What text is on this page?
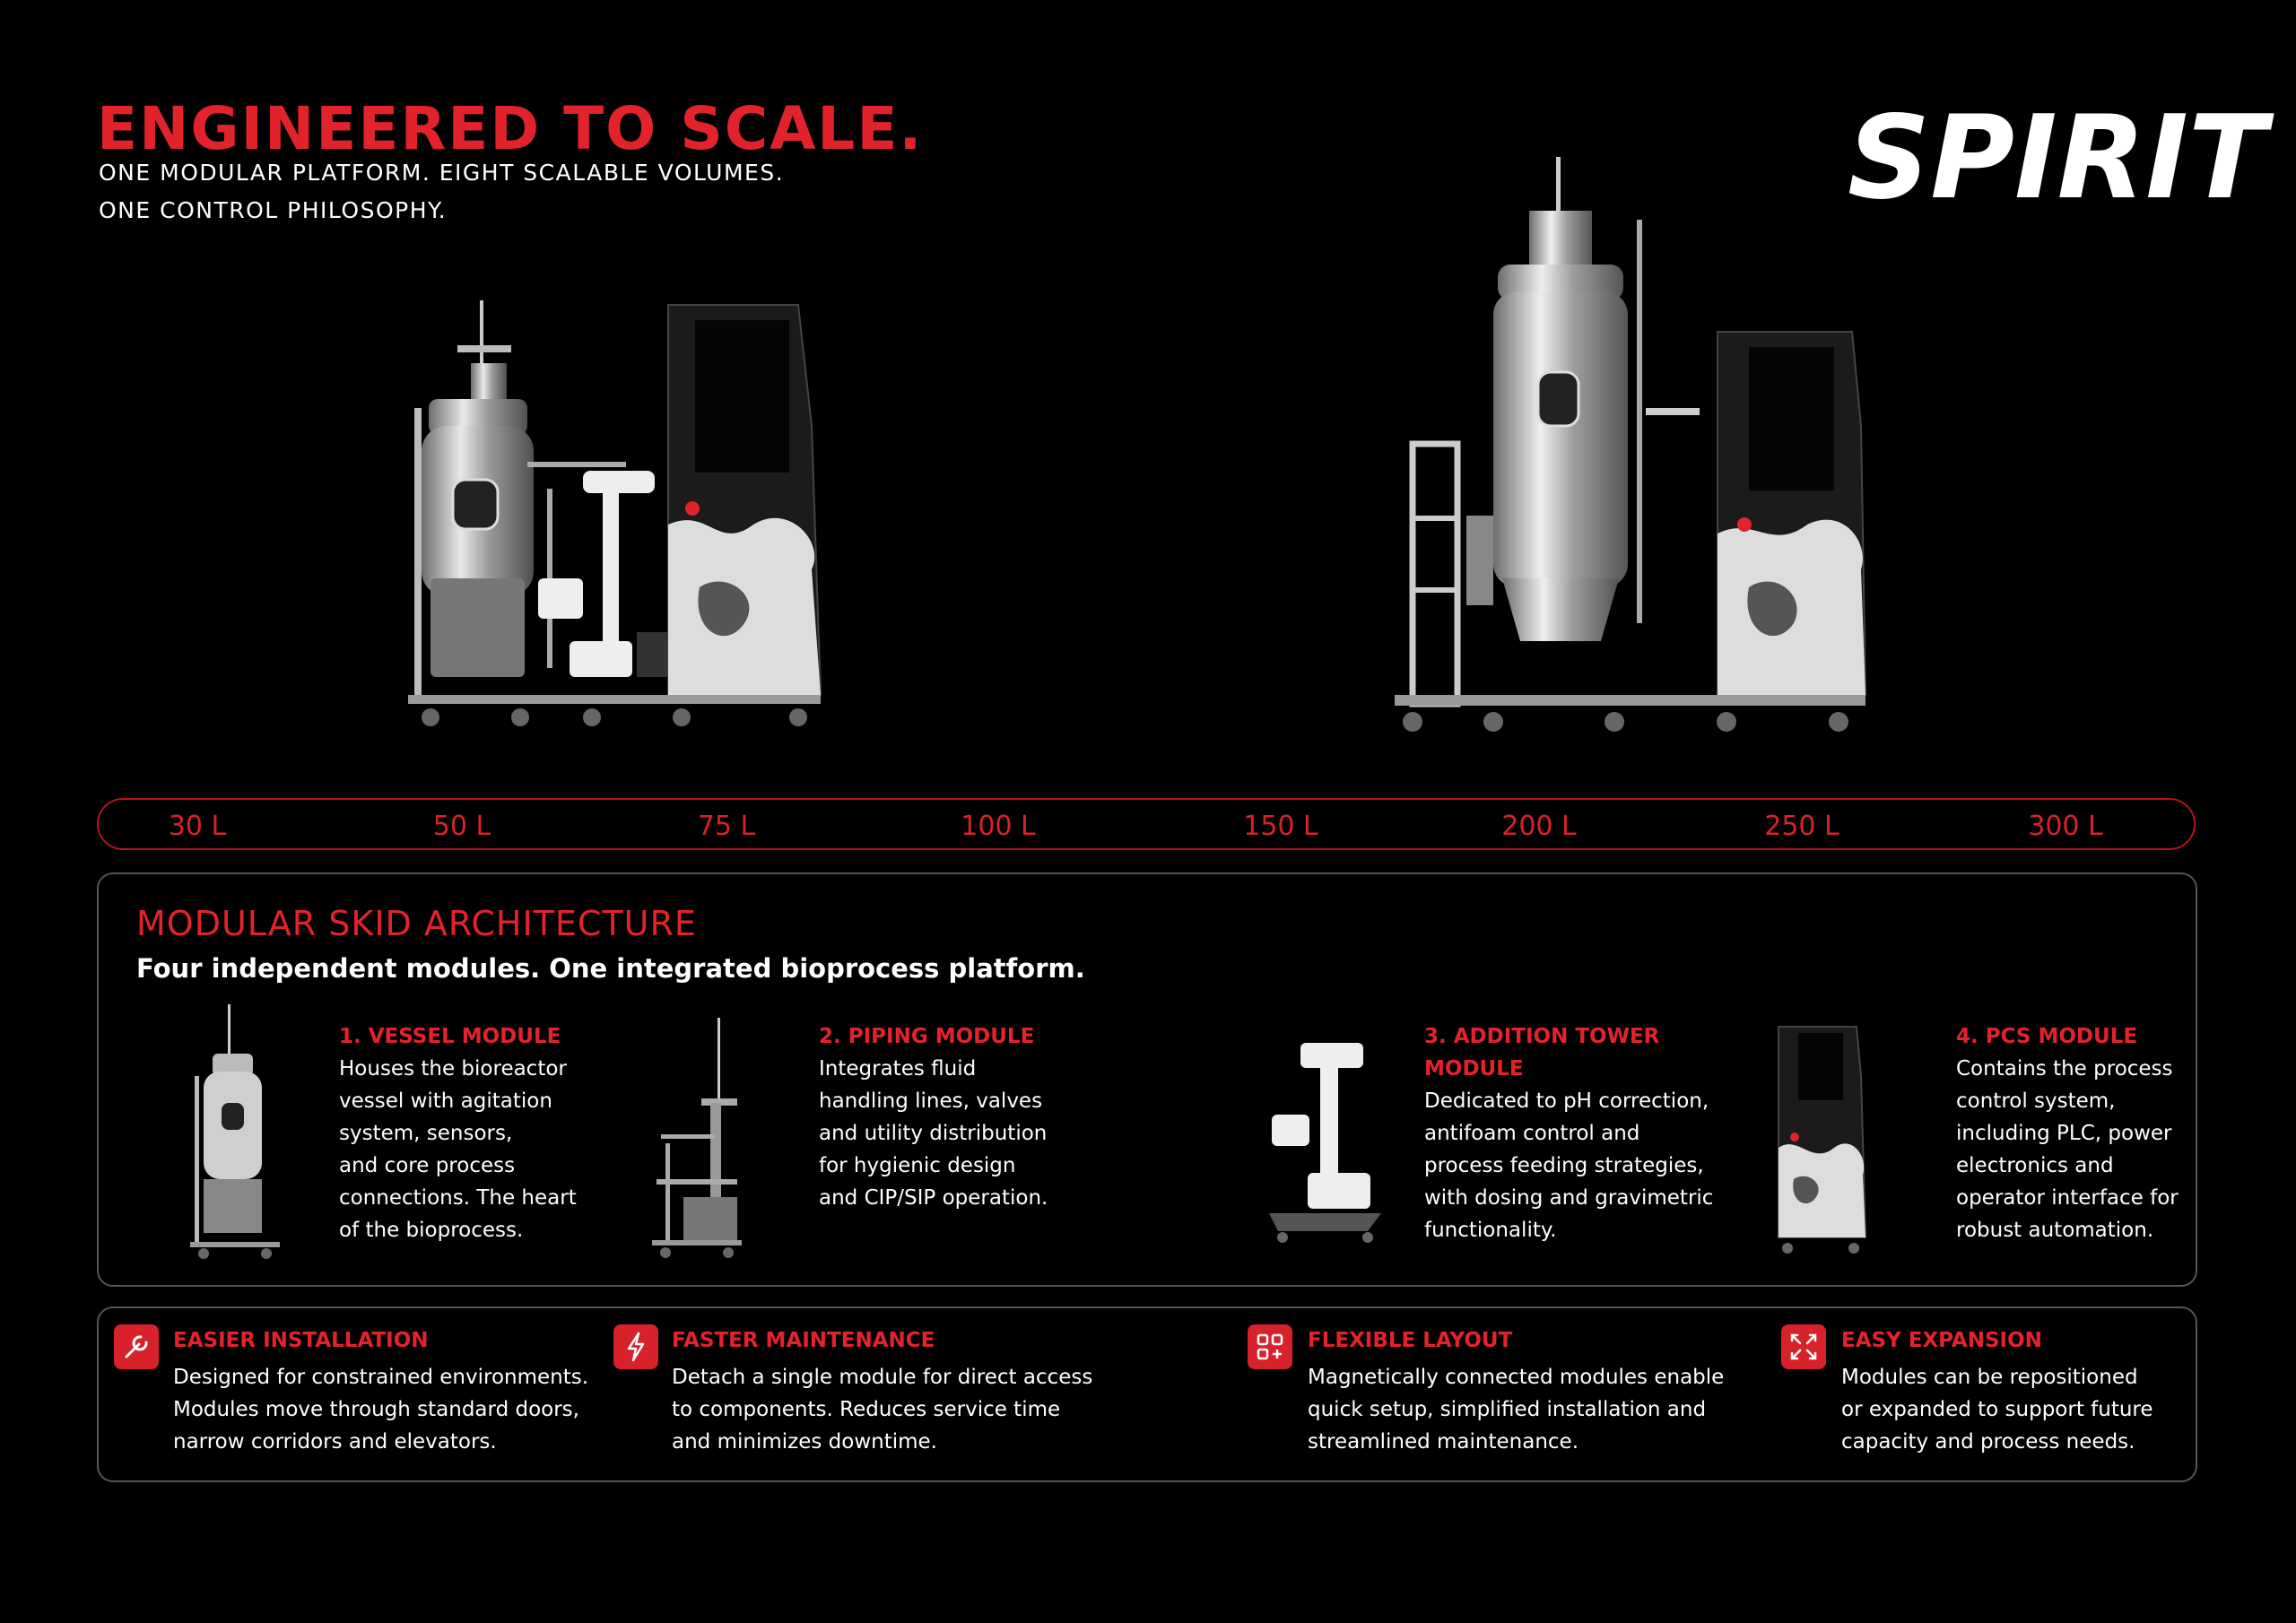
ENGINEERED TO SCALE.
ONE MODULAR PLATFORM. EIGHT SCALABLE VOLUMES.
ONE CONTROL PHILOSOPHY.	SPIRIT
30 L	50 L	75 L	100 L	150 L	200 L	250 L	300 L
MODULAR SKID ARCHITECTURE
Four independent modules. One integrated bioprocess platform.
1. VESSEL MODULE
Houses the bioreactor
vessel with agitation
system, sensors,
and core process
connections. The heart
of the bioprocess.
2. PIPING MODULE
Integrates fluid
handling lines, valves
and utility distribution
for hygienic design
and CIP/SIP operation.
3. ADDITION TOWER
MODULE
Dedicated to pH correction,
antifoam control and
process feeding strategies,
with dosing and gravimetric
functionality.
4. PCS MODULE
Contains the process
control system,
including PLC, power
electronics and
operator interface for
robust automation.
EASIER INSTALLATION
Designed for constrained environments.
Modules move through standard doors,
narrow corridors and elevators.
FASTER MAINTENANCE
Detach a single module for direct access
to components. Reduces service time
and minimizes downtime.
FLEXIBLE LAYOUT
Magnetically connected modules enable
quick setup, simplified installation and
streamlined maintenance.
EASY EXPANSION
Modules can be repositioned
or expanded to support future
capacity and process needs.
